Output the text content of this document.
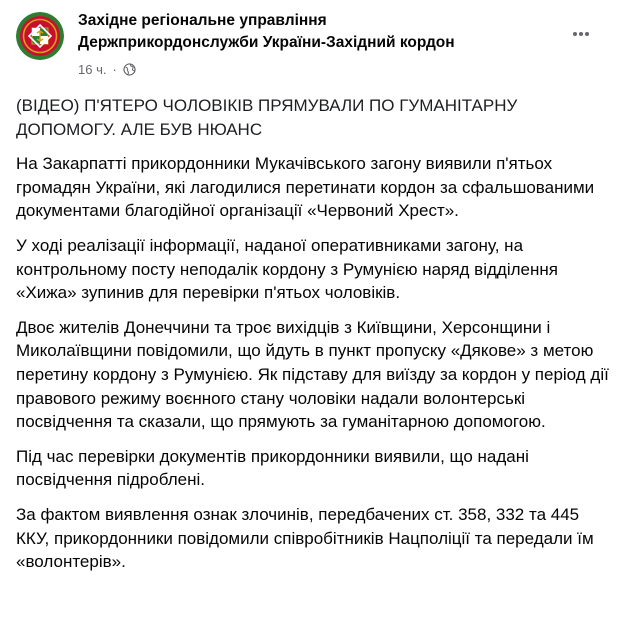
Західне регіональне управління
Держприкордонслужби України-Західний кордон
16 ч. ·

(ВІДЕО) П'ЯТЕРО ЧОЛОВІКІВ ПРЯМУВАЛИ ПО ГУМАНІТАРНУ ДОПОМОГУ. АЛЕ БУВ НЮАНС

На Закарпатті прикордонники Мукачівського загону виявили п'ятьох громадян України, які лагодилися перетинати кордон за сфальшованими документами благодійної організації «Червоний Хрест».

У ході реалізації інформації, наданої оперативниками загону, на контрольному посту неподалік кордону з Румунією наряд відділення «Хижа» зупинив для перевірки п'ятьох чоловіків.

Двоє жителів Донеччини та троє вихідців з Київщини, Херсонщини і Миколаївщини повідомили, що йдуть в пункт пропуску «Дякове» з метою перетину кордону з Румунією. Як підставу для виїзду за кордон у період дії правового режиму воєнного стану чоловіки надали волонтерські посвідчення та сказали, що прямують за гуманітарною допомогою.

Під час перевірки документів прикордонники виявили, що надані посвідчення підроблені.

За фактом виявлення ознак злочинів, передбачених ст. 358, 332 та 445 ККУ, прикордонники повідомили співробітників Нацполіції та передали їм «волонтерів».
